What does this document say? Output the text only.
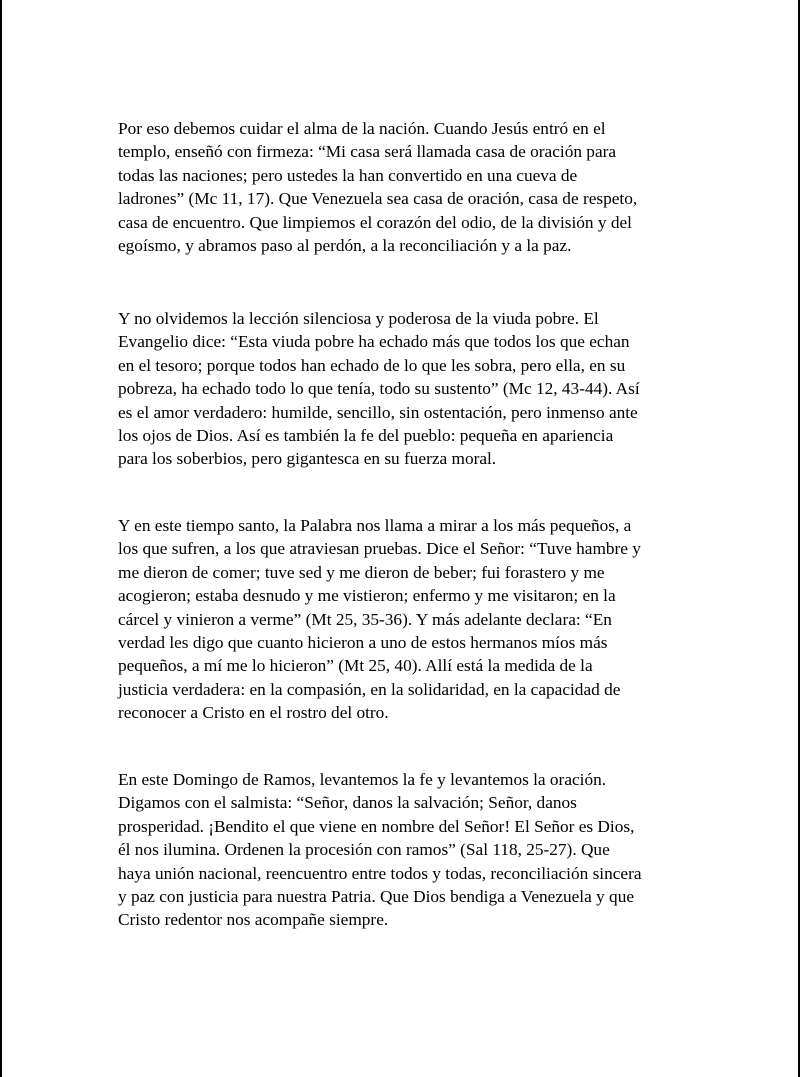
Por eso debemos cuidar el alma de la nación. Cuando Jesús entró en el
templo, enseñó con firmeza: “Mi casa será llamada casa de oración para
todas las naciones; pero ustedes la han convertido en una cueva de
ladrones” (Mc 11, 17). Que Venezuela sea casa de oración, casa de respeto,
casa de encuentro. Que limpiemos el corazón del odio, de la división y del
egoísmo, y abramos paso al perdón, a la reconciliación y a la paz.

Y no olvidemos la lección silenciosa y poderosa de la viuda pobre. El
Evangelio dice: “Esta viuda pobre ha echado más que todos los que echan
en el tesoro; porque todos han echado de lo que les sobra, pero ella, en su
pobreza, ha echado todo lo que tenía, todo su sustento” (Mc 12, 43-44). Así
es el amor verdadero: humilde, sencillo, sin ostentación, pero inmenso ante
los ojos de Dios. Así es también la fe del pueblo: pequeña en apariencia
para los soberbios, pero gigantesca en su fuerza moral.

Y en este tiempo santo, la Palabra nos llama a mirar a los más pequeños, a
los que sufren, a los que atraviesan pruebas. Dice el Señor: “Tuve hambre y
me dieron de comer; tuve sed y me dieron de beber; fui forastero y me
acogieron; estaba desnudo y me vistieron; enfermo y me visitaron; en la
cárcel y vinieron a verme” (Mt 25, 35-36). Y más adelante declara: “En
verdad les digo que cuanto hicieron a uno de estos hermanos míos más
pequeños, a mí me lo hicieron” (Mt 25, 40). Allí está la medida de la
justicia verdadera: en la compasión, en la solidaridad, en la capacidad de
reconocer a Cristo en el rostro del otro.

En este Domingo de Ramos, levantemos la fe y levantemos la oración.
Digamos con el salmista: “Señor, danos la salvación; Señor, danos
prosperidad. ¡Bendito el que viene en nombre del Señor! El Señor es Dios,
él nos ilumina. Ordenen la procesión con ramos” (Sal 118, 25-27). Que
haya unión nacional, reencuentro entre todos y todas, reconciliación sincera
y paz con justicia para nuestra Patria. Que Dios bendiga a Venezuela y que
Cristo redentor nos acompañe siempre.
